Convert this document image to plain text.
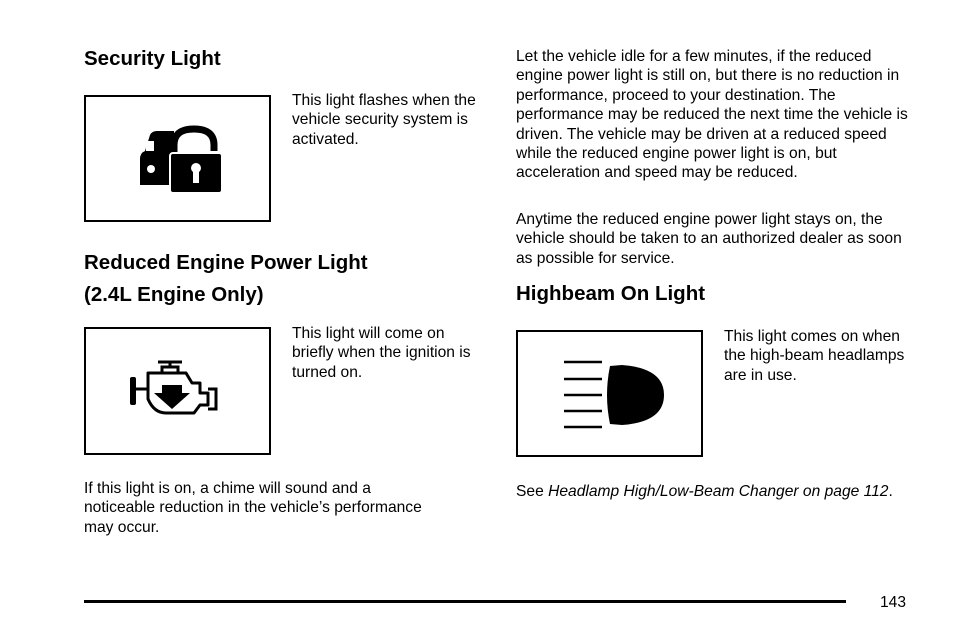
Security Light

This light flashes when the vehicle security system is activated.

Reduced Engine Power Light
(2.4L Engine Only)

This light will come on briefly when the ignition is turned on.

If this light is on, a chime will sound and a noticeable reduction in the vehicle’s performance may occur.

Let the vehicle idle for a few minutes, if the reduced engine power light is still on, but there is no reduction in performance, proceed to your destination. The performance may be reduced the next time the vehicle is driven. The vehicle may be driven at a reduced speed while the reduced engine power light is on, but acceleration and speed may be reduced.

Anytime the reduced engine power light stays on, the vehicle should be taken to an authorized dealer as soon as possible for service.

Highbeam On Light

This light comes on when the high-beam headlamps are in use.

See Headlamp High/Low-Beam Changer on page 112.

143
